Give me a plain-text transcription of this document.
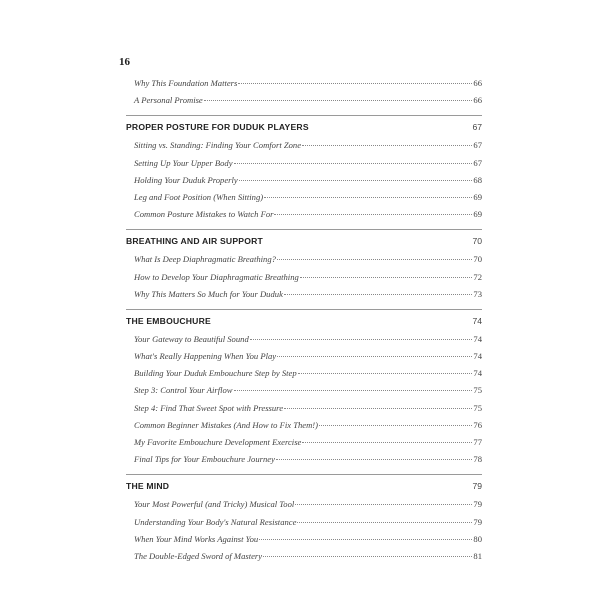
16
Why This Foundation Matters	66
A Personal Promise	66
PROPER POSTURE FOR DUDUK PLAYERS	67
Sitting vs. Standing: Finding Your Comfort Zone	67
Setting Up Your Upper Body	67
Holding Your Duduk Properly	68
Leg and Foot Position (When Sitting)	69
Common Posture Mistakes to Watch For	69
BREATHING AND AIR SUPPORT	70
What Is Deep Diaphragmatic Breathing?	70
How to Develop Your Diaphragmatic Breathing	72
Why This Matters So Much for Your Duduk	73
THE EMBOUCHURE	74
Your Gateway to Beautiful Sound	74
What's Really Happening When You Play	74
Building Your Duduk Embouchure Step by Step	74
Step 3: Control Your Airflow	75
Step 4: Find That Sweet Spot with Pressure	75
Common Beginner Mistakes (And How to Fix Them!)	76
My Favorite Embouchure Development Exercise	77
Final Tips for Your Embouchure Journey	78
THE MIND	79
Your Most Powerful (and Tricky) Musical Tool	79
Understanding Your Body's Natural Resistance	79
When Your Mind Works Against You	80
The Double-Edged Sword of Mastery	81
